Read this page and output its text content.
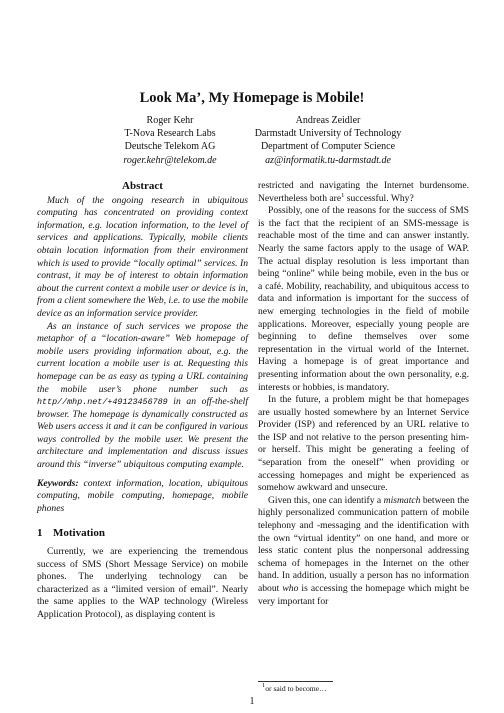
Look Ma’, My Homepage is Mobile!
Roger Kehr
T-Nova Research Labs
Deutsche Telekom AG
roger.kehr@telekom.de
Andreas Zeidler
Darmstadt University of Technology
Department of Computer Science
az@informatik.tu-darmstadt.de
Abstract

Much of the ongoing research in ubiquitous computing has concentrated on providing context information, e.g. location information, to the level of services and applications. Typically, mobile clients obtain location information from their environment which is used to provide “locally optimal” services. In contrast, it may be of interest to obtain information about the current context a mobile user or device is in, from a client somewhere the Web, i.e. to use the mobile device as an information service provider.

As an instance of such services we propose the metaphor of a “location-aware” Web homepage of mobile users providing information about, e.g. the current location a mobile user is at. Requesting this homepage can be as easy as typing a URL containing the mobile user’s phone number such as http//mhp.net/+49123456789 in an off-the-shelf browser. The homepage is dynamically constructed as Web users access it and it can be configured in various ways controlled by the mobile user. We present the architecture and implementation and discuss issues around this “inverse” ubiquitous computing example.

Keywords: context information, location, ubiquitous computing, mobile computing, homepage, mobile phones

1 Motivation

Currently, we are experiencing the tremendous success of SMS (Short Message Service) on mobile phones. The underlying technology can be characterized as a “limited version of email”. Nearly the same applies to the WAP technology (Wireless Application Protocol), as displaying content is

restricted and navigating the Internet burdensome. Nevertheless both are$^1$ successful. Why?

Possibly, one of the reasons for the success of SMS is the fact that the recipient of an SMS-message is reachable most of the time and can answer instantly. Nearly the same factors apply to the usage of WAP. The actual display resolution is less important than being “online” while being mobile, even in the bus or a café. Mobility, reachability, and ubiquitous access to data and information is important for the success of new emerging technologies in the field of mobile applications. Moreover, especially young people are beginning to define themselves over some representation in the virtual world of the Internet. Having a homepage is of great importance and presenting information about the own personality, e.g. interests or hobbies, is mandatory.

In the future, a problem might be that homepages are usually hosted somewhere by an Internet Service Provider (ISP) and referenced by an URL relative to the ISP and not relative to the person presenting him- or herself. This might be generating a feeling of “separation from the oneself” when providing or accessing homepages and might be experienced as somehow awkward and unsecure.

Given this, one can identify a mismatch between the highly personalized communication pattern of mobile telephony and -messaging and the identification with the own “virtual identity” on one hand, and more or less static content plus the nonpersonal addressing schema of homepages in the Internet on the other hand. In addition, usually a person has no information about who is accessing the homepage which might be very important for

$^1$or said to become…
1
